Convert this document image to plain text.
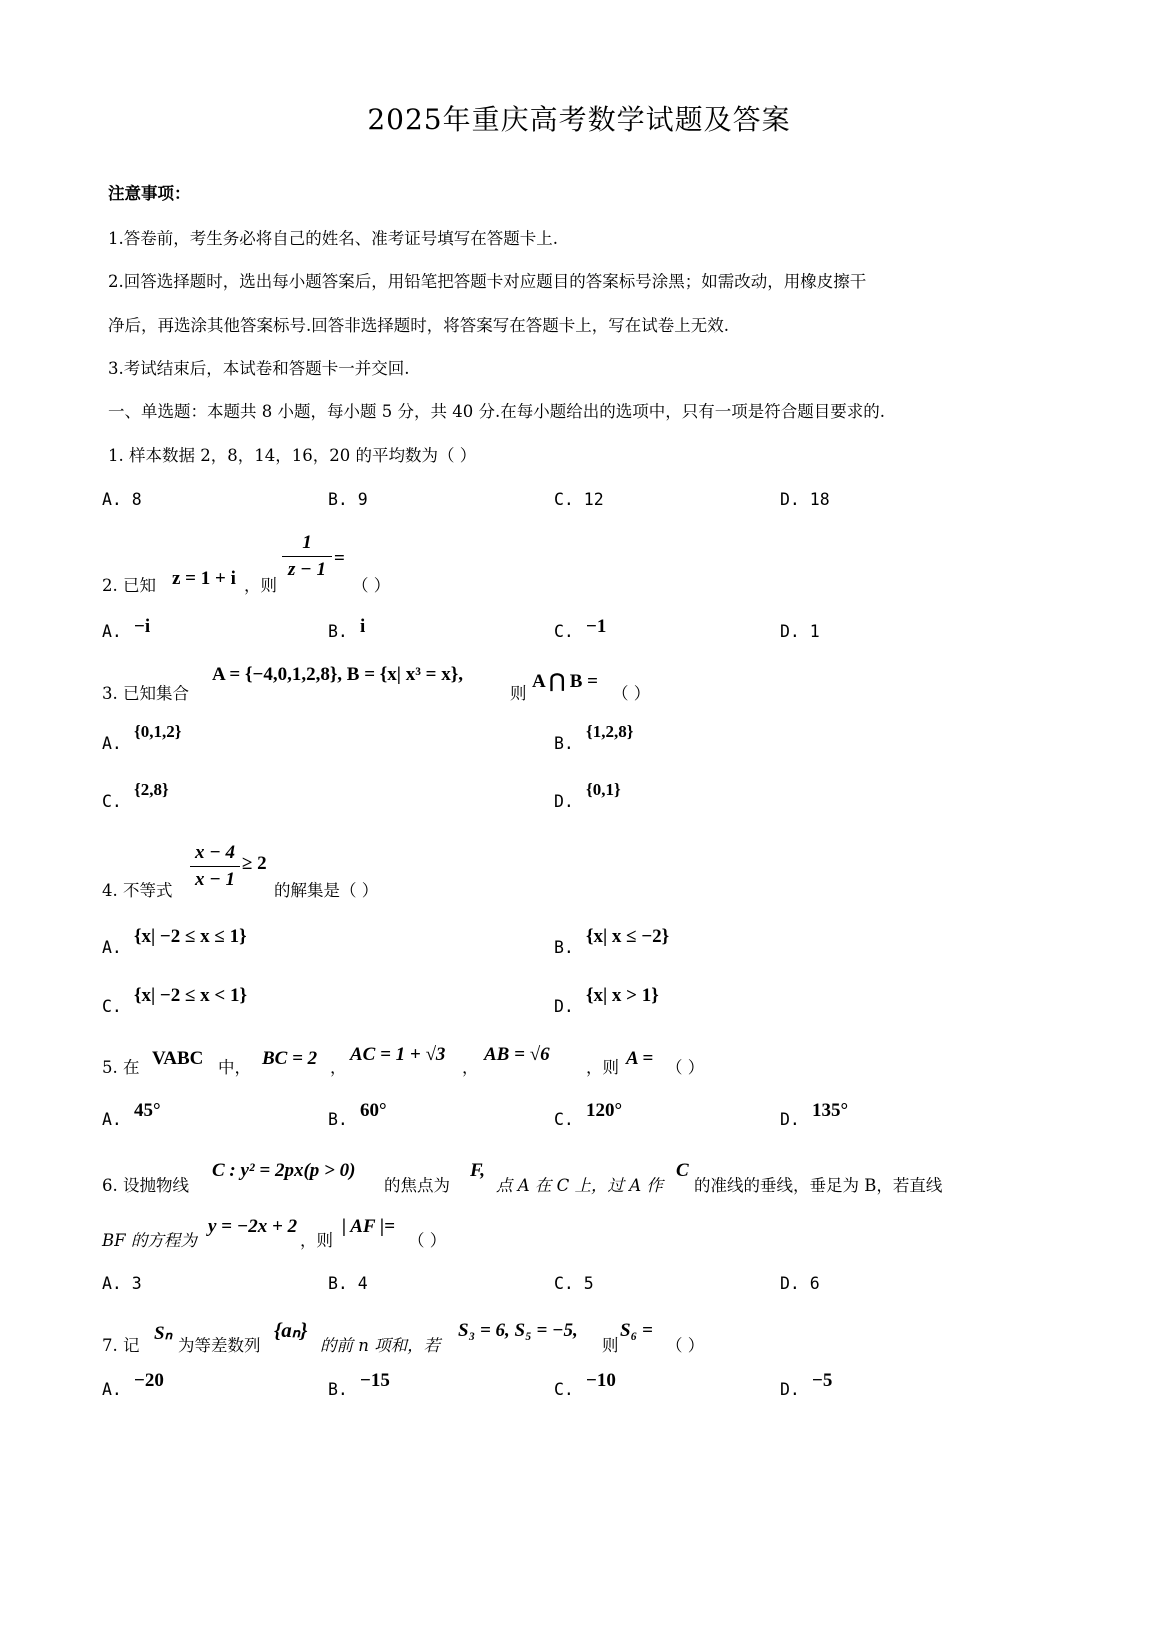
2025年重庆高考数学试题及答案
注意事项：
1.答卷前，考生务必将自己的姓名、准考证号填写在答题卡上.
2.回答选择题时，选出每小题答案后，用铅笔把答题卡对应题目的答案标号涂黑；如需改动，用橡皮擦干
净后，再选涂其他答案标号.回答非选择题时，将答案写在答题卡上，写在试卷上无效.
3.考试结束后，本试卷和答题卡一并交回.
一、单选题：本题共 8 小题，每小题 5 分，共 40 分.在每小题给出的选项中，只有一项是符合题目要求的.
1. 样本数据 2，8，14，16，20 的平均数为（ ）
A. 8	B. 9	C. 12	D. 18
2. 已知 z = 1 + i ，则
1
z − 1
=
（ ）
A. −i	B. i	C. −1	D. 1
3. 已知集合
A = {−4,0,1,2,8}, B = {x| x³ = x},
则
A ⋂ B =
（ ）
A.
{0,1,2}
B.
{1,2,8}
C.
{2,8}
D.
{0,1}
4. 不等式
x − 4
x − 1
≥ 2
的解集是（ ）
A.
{x| −2 ≤ x ≤ 1}
B.
{x| x ≤ −2}
C.
{x| −2 ≤ x < 1}
D.
{x| x > 1}
5. 在 VABC 中， BC = 2 ，
AC = 1 + √3
，
AB = √6
，则 A = （ ）
A. 45°	B. 60°	C. 120°	D. 135°
6. 设抛物线
C : y² = 2px(p > 0)
的焦点为
F,
点 A 在 C 上，过 A 作
C
的准线的垂线，垂足为 B，若直线
BF 的方程为
y = −2x + 2
，则
| AF |=
（ ）
A. 3	B. 4	C. 5	D. 6
7. 记
Sₙ
为等差数列
{aₙ}
的前 n 项和，若
S₃ = 6, S₅ = −5,
则
S₆ =
（ ）
A. −20	B. −15	C. −10	D. −5
